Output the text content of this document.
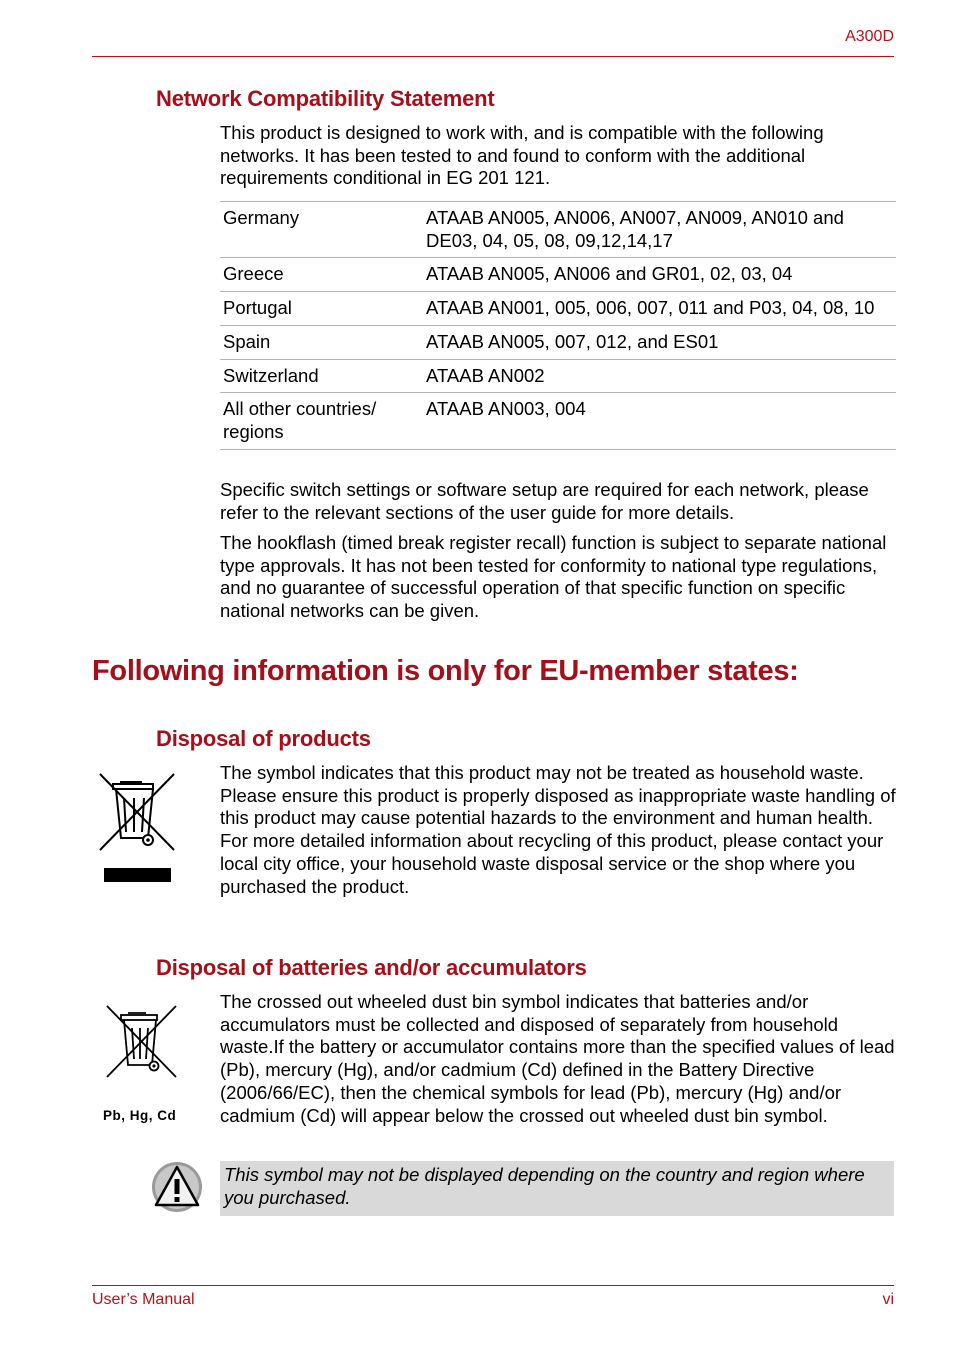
A300D
Network Compatibility Statement
This product is designed to work with, and is compatible with the following networks. It has been tested to and found to conform with the additional requirements conditional in EG 201 121.
Germany	ATAAB AN005, AN006, AN007, AN009, AN010 and DE03, 04, 05, 08, 09,12,14,17
Greece	ATAAB AN005, AN006 and GR01, 02, 03, 04
Portugal	ATAAB AN001, 005, 006, 007, 011 and P03, 04, 08, 10
Spain	ATAAB AN005, 007, 012, and ES01
Switzerland	ATAAB AN002
All other countries/ regions	ATAAB AN003, 004
Specific switch settings or software setup are required for each network, please refer to the relevant sections of the user guide for more details.
The hookflash (timed break register recall) function is subject to separate national type approvals. It has not been tested for conformity to national type regulations, and no guarantee of successful operation of that specific function on specific national networks can be given.
Following information is only for EU-member states:
Disposal of products
The symbol indicates that this product may not be treated as household waste. Please ensure this product is properly disposed as inappropriate waste handling of this product may cause potential hazards to the environment and human health. For more detailed information about recycling of this product, please contact your local city office, your household waste disposal service or the shop where you purchased the product.
Disposal of batteries and/or accumulators
Pb, Hg, Cd
The crossed out wheeled dust bin symbol indicates that batteries and/or accumulators must be collected and disposed of separately from household waste.If the battery or accumulator contains more than the specified values of lead (Pb), mercury (Hg), and/or cadmium (Cd) defined in the Battery Directive (2006/66/EC), then the chemical symbols for lead (Pb), mercury (Hg) and/or cadmium (Cd) will appear below the crossed out wheeled dust bin symbol.
This symbol may not be displayed depending on the country and region where you purchased.
User’s Manual	vi
